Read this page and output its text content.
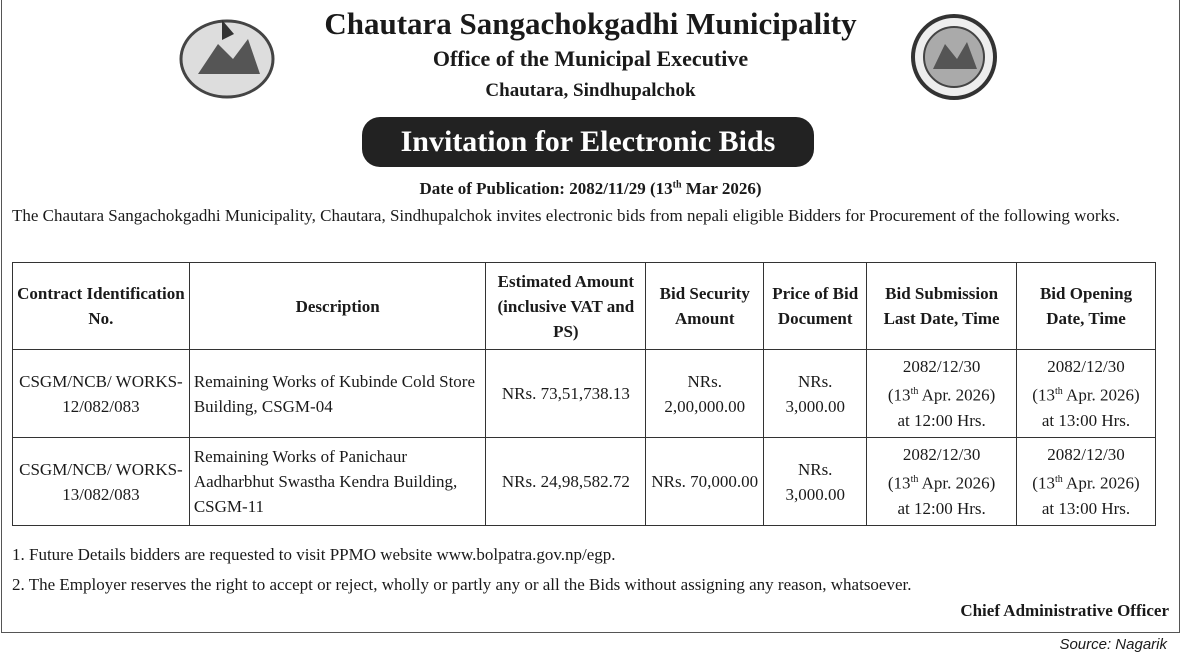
Chautara Sangachokgadhi Municipality
Office of the Municipal Executive
Chautara, Sindhupalchok
Invitation for Electronic Bids
Date of Publication: 2082/11/29 (13th Mar 2026)
The Chautara Sangachokgadhi Municipality, Chautara, Sindhupalchok invites electronic bids from nepali eligible Bidders for Procurement of the following works.
Contract Identification No.	Description	Estimated Amount (inclusive VAT and PS)	Bid Security Amount	Price of Bid Document	Bid Submission Last Date, Time	Bid Opening Date, Time
CSGM/NCB/ WORKS-12/082/083	Remaining Works of Kubinde Cold Store Building, CSGM-04	NRs. 73,51,738.13	NRs. 2,00,000.00	NRs. 3,000.00	2082/12/30
(13th Apr. 2026)
at 12:00 Hrs.	2082/12/30
(13th Apr. 2026)
at 13:00 Hrs.
CSGM/NCB/ WORKS-13/082/083	Remaining Works of Panichaur Aadharbhut Swastha Kendra Building, CSGM-11	NRs. 24,98,582.72	NRs. 70,000.00	NRs. 3,000.00	2082/12/30
(13th Apr. 2026)
at 12:00 Hrs.	2082/12/30
(13th Apr. 2026)
at 13:00 Hrs.
1. Future Details bidders are requested to visit PPMO website www.bolpatra.gov.np/egp.
2. The Employer reserves the right to accept or reject, wholly or partly any or all the Bids without assigning any reason, whatsoever.
Chief Administrative Officer
Source: Nagarik
